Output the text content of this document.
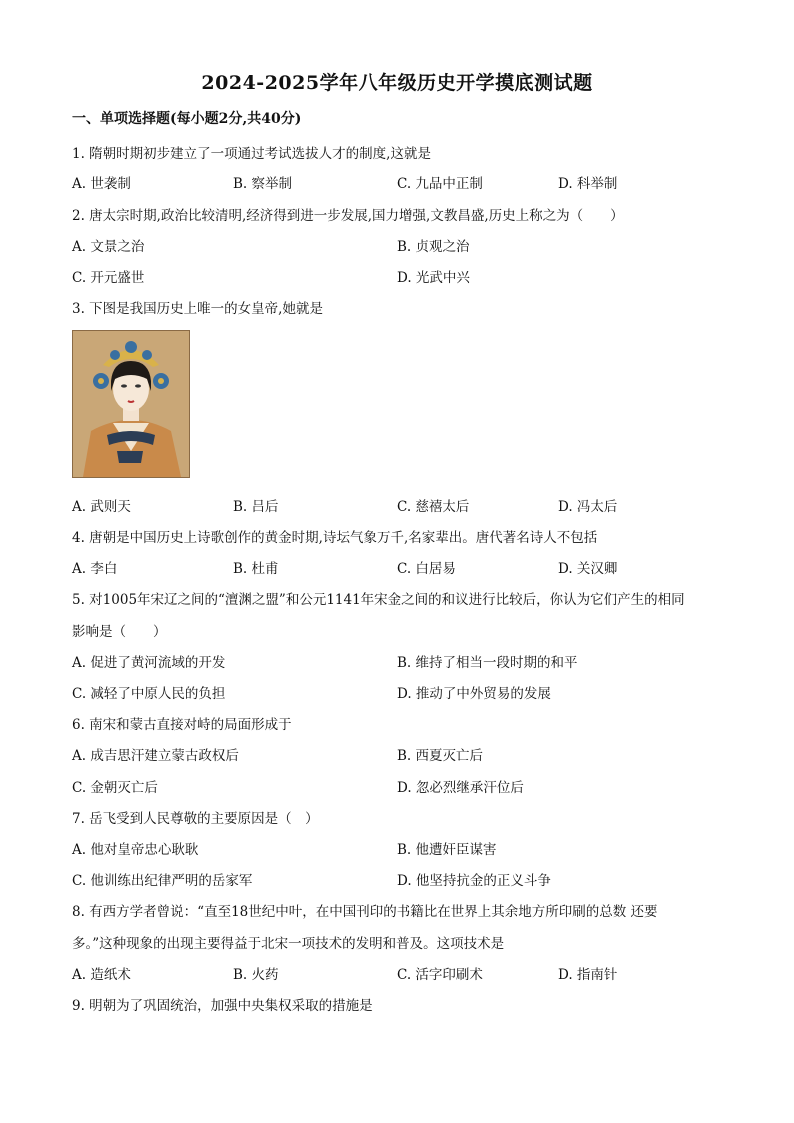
2024-2025学年八年级历史开学摸底测试题
一、单项选择题(每小题2分,共40分)
1. 隋朝时期初步建立了一项通过考试选拔人才的制度,这就是
A. 世袭制	B. 察举制	C. 九品中正制	D. 科举制
2. 唐太宗时期,政治比较清明,经济得到进一步发展,国力增强,文教昌盛,历史上称之为（　　）
A. 文景之治	B. 贞观之治
C. 开元盛世	D. 光武中兴
3. 下图是我国历史上唯一的女皇帝,她就是
A. 武则天	B. 吕后	C. 慈禧太后	D. 冯太后
4. 唐朝是中国历史上诗歌创作的黄金时期,诗坛气象万千,名家辈出。唐代著名诗人不包括
A. 李白	B. 杜甫	C. 白居易	D. 关汉卿
5. 对1005年宋辽之间的“澶渊之盟”和公元1141年宋金之间的和议进行比较后，你认为它们产生的相同
影响是（　　）
A. 促进了黄河流域的开发	B. 维持了相当一段时期的和平
C. 减轻了中原人民的负担	D. 推动了中外贸易的发展
6. 南宋和蒙古直接对峙的局面形成于
A. 成吉思汗建立蒙古政权后	B. 西夏灭亡后
C. 金朝灭亡后	D. 忽必烈继承汗位后
7. 岳飞受到人民尊敬的主要原因是（　）
A. 他对皇帝忠心耿耿	B. 他遭奸臣谋害
C. 他训练出纪律严明的岳家军	D. 他坚持抗金的正义斗争
8. 有西方学者曾说：“直至18世纪中叶，在中国刊印的书籍比在世界上其余地方所印刷的总数 还要
多。”这种现象的出现主要得益于北宋一项技术的发明和普及。这项技术是
A. 造纸术	B. 火药	C. 活字印刷术	D. 指南针
9. 明朝为了巩固统治，加强中央集权采取的措施是
